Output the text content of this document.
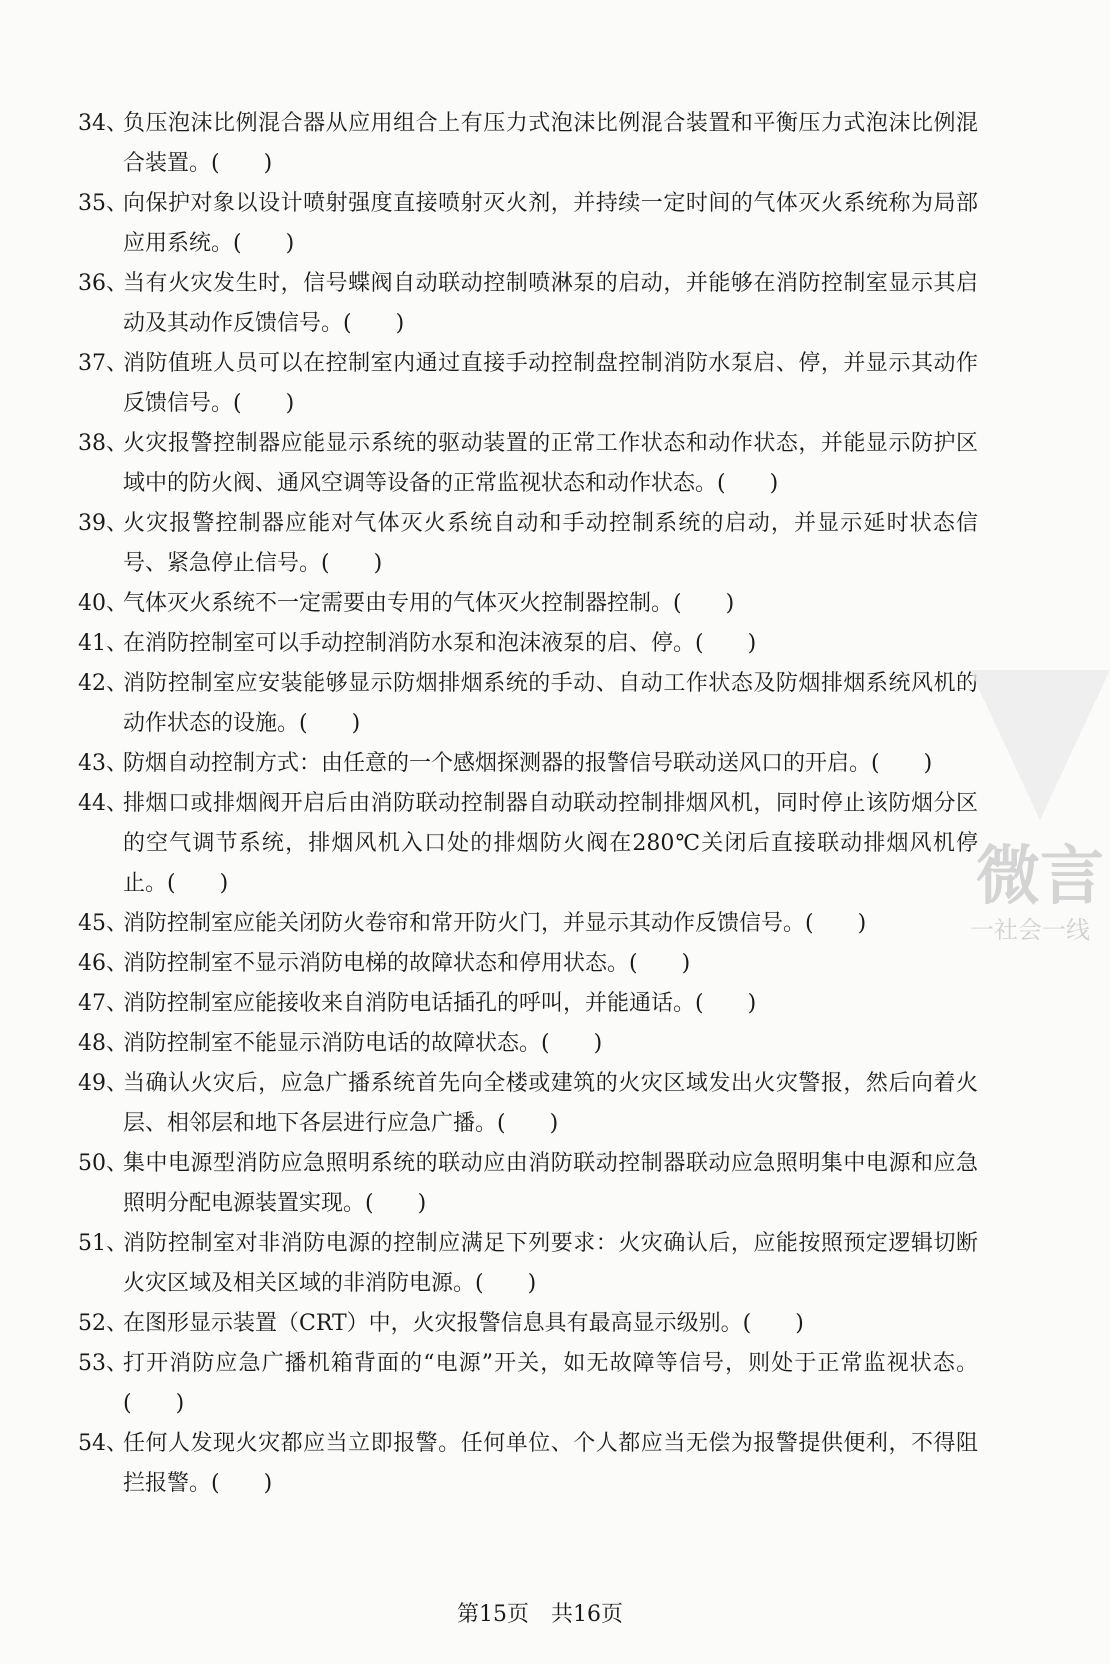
34、
负压泡沫比例混合器从应用组合上有压力式泡沫比例混合装置和平衡压力式泡沫比例混合装置。(　　)
35、
向保护对象以设计喷射强度直接喷射灭火剂，并持续一定时间的气体灭火系统称为局部应用系统。(　　)
36、
当有火灾发生时，信号蝶阀自动联动控制喷淋泵的启动，并能够在消防控制室显示其启动及其动作反馈信号。(　　)
37、
消防值班人员可以在控制室内通过直接手动控制盘控制消防水泵启、停，并显示其动作反馈信号。(　　)
38、
火灾报警控制器应能显示系统的驱动装置的正常工作状态和动作状态，并能显示防护区域中的防火阀、通风空调等设备的正常监视状态和动作状态。(　　)
39、
火灾报警控制器应能对气体灭火系统自动和手动控制系统的启动，并显示延时状态信号、紧急停止信号。(　　)
40、
气体灭火系统不一定需要由专用的气体灭火控制器控制。(　　)
41、
在消防控制室可以手动控制消防水泵和泡沫液泵的启、停。(　　)
42、
消防控制室应安装能够显示防烟排烟系统的手动、自动工作状态及防烟排烟系统风机的动作状态的设施。(　　)
43、
防烟自动控制方式：由任意的一个感烟探测器的报警信号联动送风口的开启。(　　)
44、
排烟口或排烟阀开启后由消防联动控制器自动联动控制排烟风机，同时停止该防烟分区的空气调节系统，排烟风机入口处的排烟防火阀在280℃关闭后直接联动排烟风机停止。(　　)
45、
消防控制室应能关闭防火卷帘和常开防火门，并显示其动作反馈信号。(　　)
46、
消防控制室不显示消防电梯的故障状态和停用状态。(　　)
47、
消防控制室应能接收来自消防电话插孔的呼叫，并能通话。(　　)
48、
消防控制室不能显示消防电话的故障状态。(　　)
49、
当确认火灾后，应急广播系统首先向全楼或建筑的火灾区域发出火灾警报，然后向着火层、相邻层和地下各层进行应急广播。(　　)
50、
集中电源型消防应急照明系统的联动应由消防联动控制器联动应急照明集中电源和应急照明分配电源装置实现。(　　)
51、
消防控制室对非消防电源的控制应满足下列要求：火灾确认后，应能按照预定逻辑切断火灾区域及相关区域的非消防电源。(　　)
52、
在图形显示装置（CRT）中，火灾报警信息具有最高显示级别。(　　)
53、
打开消防应急广播机箱背面的“电源”开关，如无故障等信号，则处于正常监视状态。(　　)
54、
任何人发现火灾都应当立即报警。任何单位、个人都应当无偿为报警提供便利，不得阻拦报警。(　　)
第15页　共16页
微言
一社会一线
